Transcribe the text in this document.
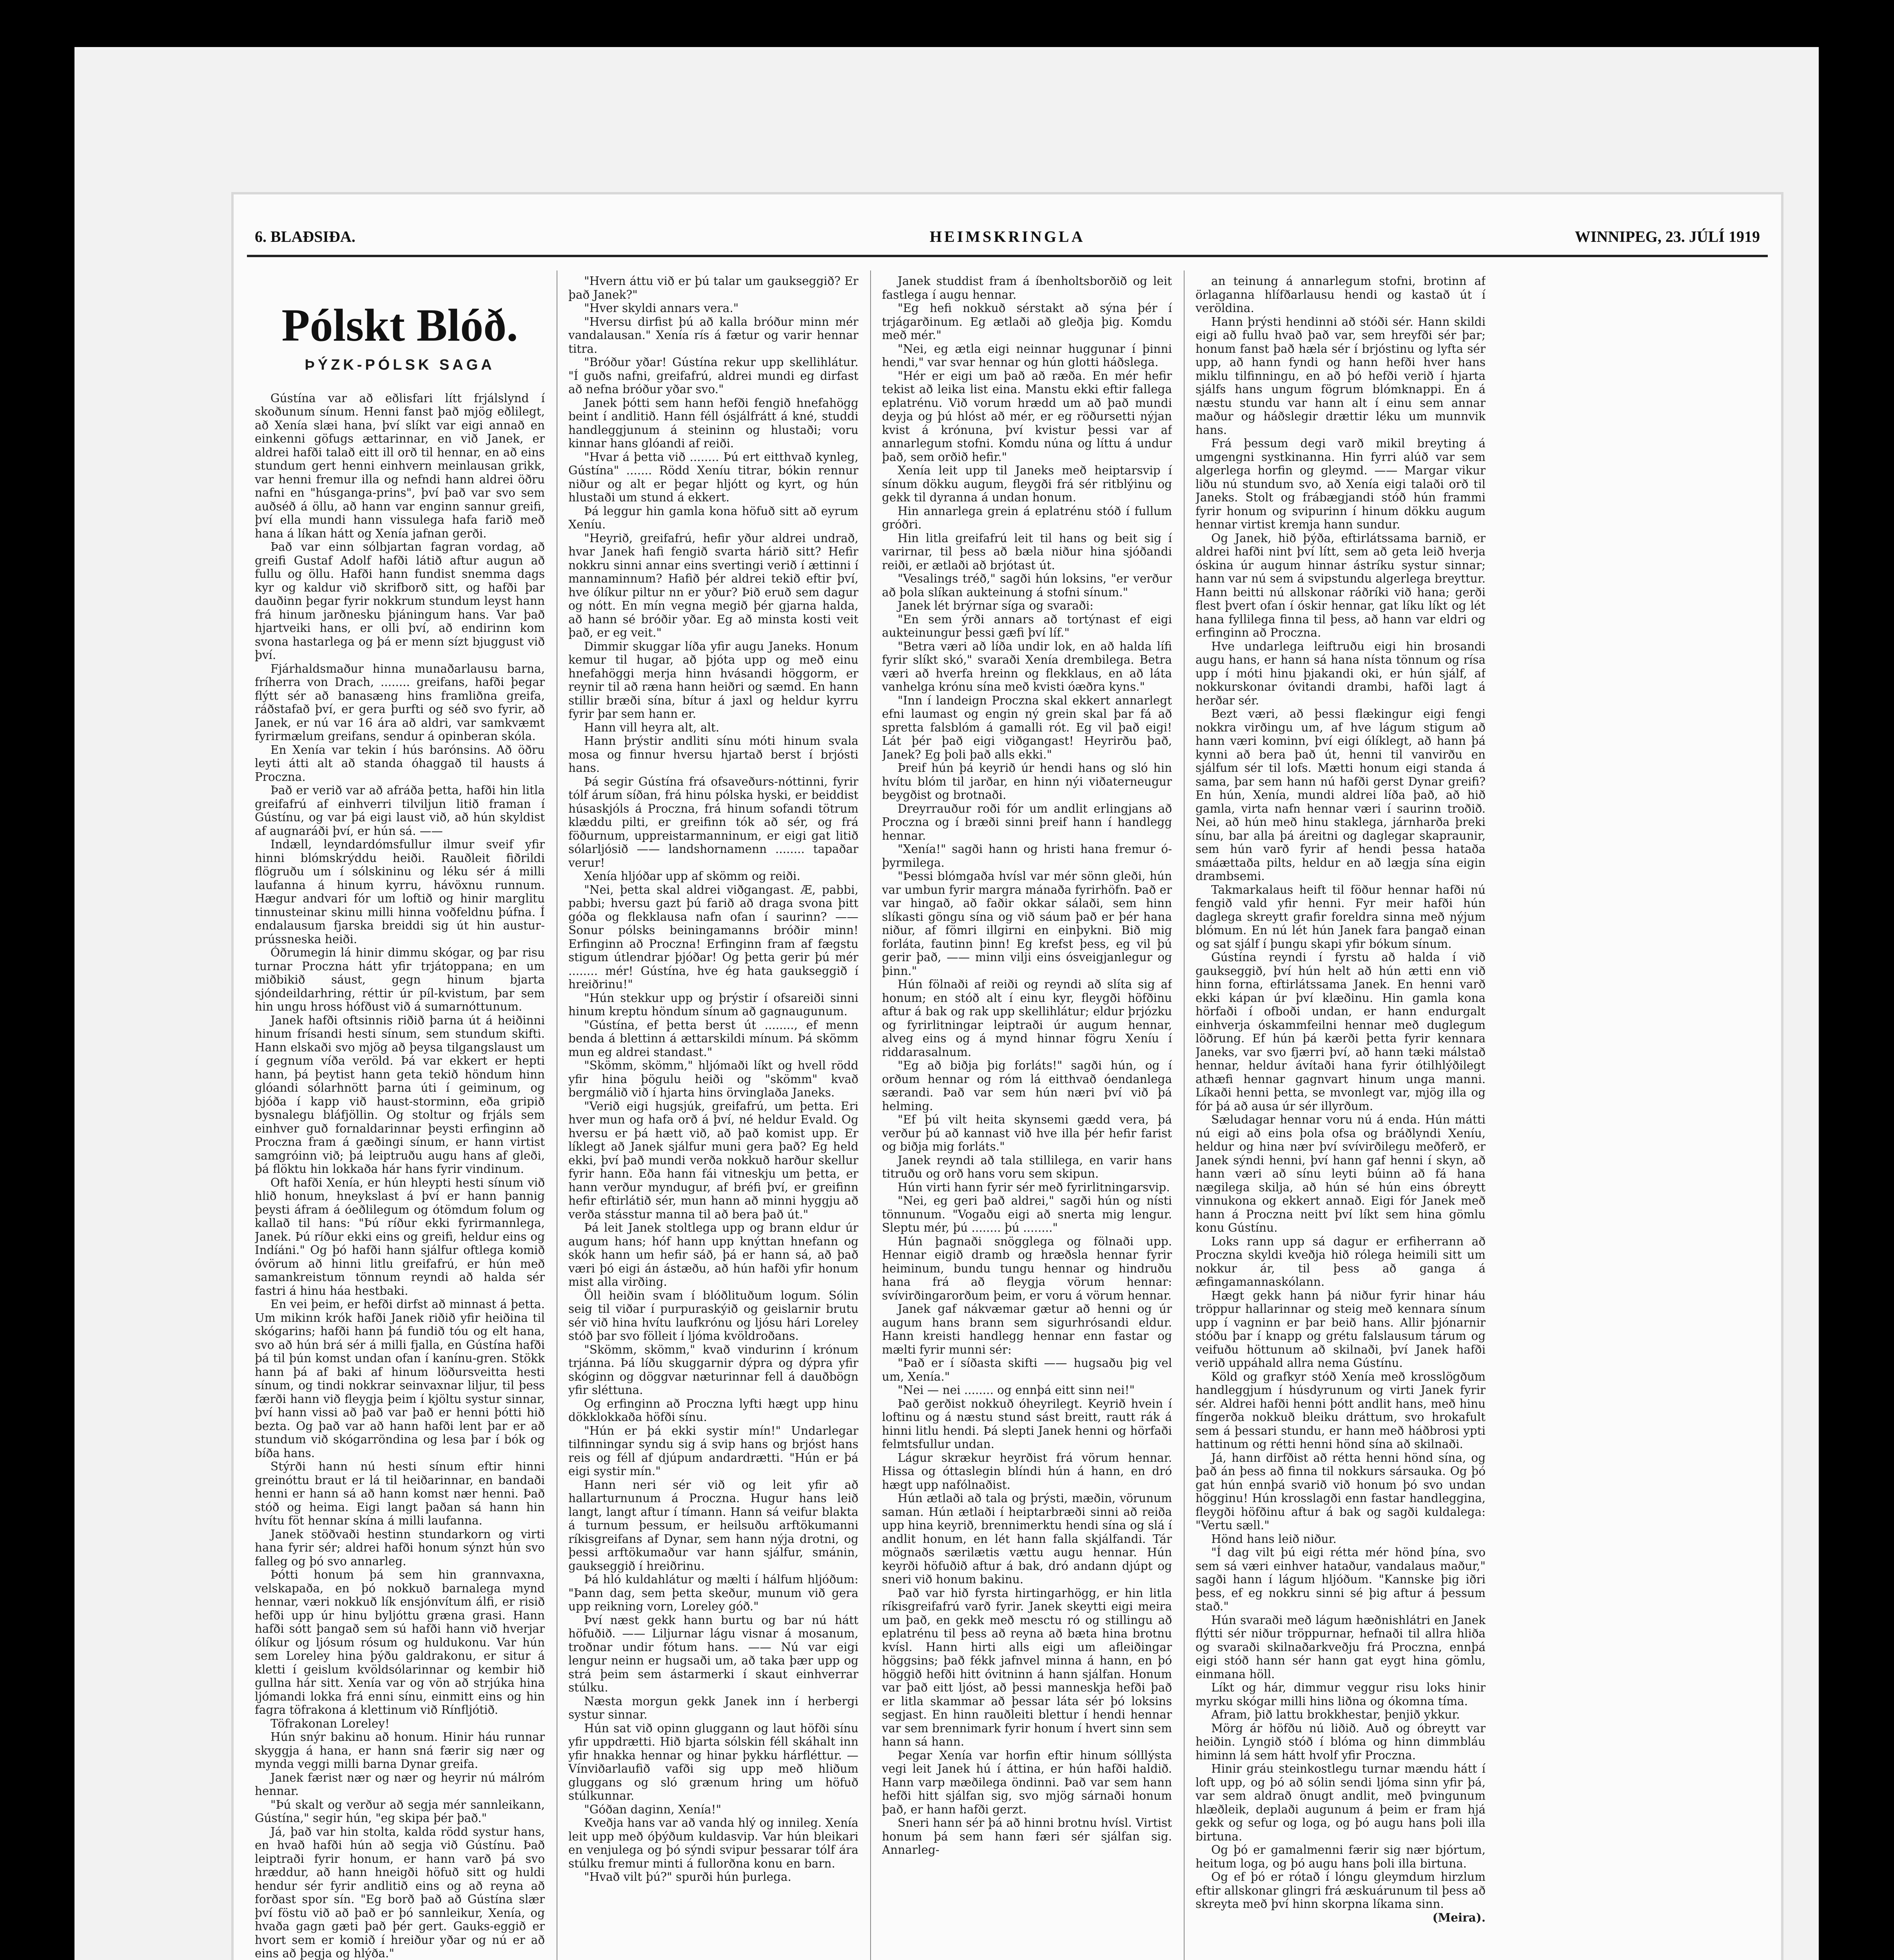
6. BLAÐSIÐA.	HEIMSKRINGLA	WINNIPEG, 23. JÚLÍ 1919
Pólskt Blóð.
ÞÝZK-PÓLSK SAGA

Gústína var að eðlisfari lítt frjálslynd í skoðunum sínum. Henni fanst það mjög eðlilegt, að Xenía slæi hana, því slíkt var eigi annað en einkenni göfugs ættarinnar, en við Janek, er aldrei hafði talað eitt ill orð til hennar, en að eins stundum gert henni einhvern meinlausan grikk, var henni fremur illa og nefndi hann aldrei öðru nafni en "húsganga-prins", því það var svo sem auðséð á öllu, að hann var enginn sannur greifi, því ella mundi hann vissulega hafa farið með hana á líkan hátt og Xenía jafnan gerði.

Það var einn sólbjartan fagran vordag, að greifi Gustaf Adolf hafði látið aftur augun að fullu og öllu. Hafði hann fundist snemma dags kyr og kaldur við skrifborð sitt, og hafði þar dauðinn þegar fyrir nokkrum stundum leyst hann frá hinum jarðnesku þjáningum hans. Var það hjartveiki hans, er olli því, að endirinn kom svona hastarlega og þá er menn sízt bjuggust við því.

Fjárhaldsmaður hinna munaðarlausu barna, fríherra von Drach, ........ greifans, hafði þegar flýtt sér að banasæng hins framliðna greifa, ráðstafað því, er gera þurfti og séð svo fyrir, að Janek, er nú var 16 ára að aldri, var samkvæmt fyrirmælum greifans, sendur á opinberan skóla.

En Xenía var tekin í hús barónsins. Að öðru leyti átti alt að standa óhaggað til hausts á Proczna.

Það er verið var að afráða þetta, hafði hin litla greifafrú af einhverri tilviljun litið framan í Gústínu, og var þá eigi laust við, að hún skyldist af augnaráði því, er hún sá. ——

Indæll, leyndardómsfullur ilmur sveif yfir hinni blómskrýddu heiði. Rauðleit fiðrildi flögruðu um í sólskininu og léku sér á milli laufanna á hinum kyrru, hávöxnu runnum. Hægur andvari fór um loftið og hinir marglitu tinnusteinar skinu milli hinna voðfeldnu þúfna. Í endalausum fjarska breiddi sig út hin austur-prússneska heiði.

Óðrumegin lá hinir dimmu skógar, og þar risu turnar Proczna hátt yfir trjátoppana; en um miðbikið sáust, gegn hinum bjarta sjóndeildarhring, réttir úr píl-kvistum, þar sem hin ungu hross hófðust við á sumarnóttunum.

Janek hafði oftsinnis riðið þarna út á heiðinni hinum frísandi hesti sínum, sem stundum skifti. Hann elskaði svo mjög að þeysa tilgangslaust um í gegnum víða veröld. Þá var ekkert er hepti hann, þá þeytist hann geta tekið höndum hinn glóandi sólarhnött þarna úti í geiminum, og bjóða í kapp við haust-storminn, eða gripið bysnalegu bláfjöllin. Og stoltur og frjáls sem einhver guð fornaldarinnar þeysti erfinginn að Proczna fram á gæðingi sínum, er hann virtist samgróinn við; þá leiptruðu augu hans af gleði, þá flöktu hin lokkaða hár hans fyrir vindinum.

Oft hafði Xenía, er hún hleypti hesti sínum við hlið honum, hneykslast á því er hann þannig þeysti áfram á óeðlilegum og ótömdum folum og kallað til hans: "Þú ríður ekki fyrirmannlega, Janek. Þú ríður ekki eins og greifi, heldur eins og Indíáni." Og þó hafði hann sjálfur oftlega komið óvörum að hinni litlu greifafrú, er hún með samankreistum tönnum reyndi að halda sér fastri á hinu háa hestbaki.

En vei þeim, er hefði dirfst að minnast á þetta. Um mikinn krók hafði Janek riðið yfir heiðina til skógarins; hafði hann þá fundið tóu og elt hana, svo að hún brá sér á milli fjalla, en Gústína hafði þá til þún komst undan ofan í kanínu-gren. Stökk hann þá af baki af hinum löðursveitta hesti sínum, og tindi nokkrar seinvaxnar liljur, til þess færði hann við fleygja þeim í kjöltu systur sinnar, því hann vissi að það var það er henni þótti hið bezta. Og það var að hann hafði lent þar er að stundum við skógarröndina og lesa þar í bók og bíða hans.

Stýrði hann nú hesti sínum eftir hinni greinóttu braut er lá til heiðarinnar, en bandaði henni er hann sá að hann komst nær henni. Það stóð og heima. Eigi langt þaðan sá hann hin hvítu föt hennar skína á milli laufanna.

Janek stöðvaði hestinn stundarkorn og virti hana fyrir sér; aldrei hafði honum sýnzt hún svo falleg og þó svo annarleg.

Þótti honum þá sem hin grannvaxna, velskapaða, en þó nokkuð barnalega mynd hennar, væri nokkuð lík ensjónvítum álfi, er risið hefði upp úr hinu byljóttu græna grasi. Hann hafði sótt þangað sem sú hafði hann við hverjar ólíkur og ljósum rósum og huldukonu. Var hún sem Loreley hina þýðu galdrakonu, er situr á kletti í geislum kvöldsólarinnar og kembir hið gullna hár sitt. Xenía var og vön að strjúka hina ljómandi lokka frá enni sínu, einmitt eins og hin fagra töfrakona á klettinum við Rínfljótið.

Töfrakonan Loreley!

Hún snýr bakinu að honum. Hinir háu runnar skyggja á hana, er hann sná færir sig nær og mynda veggi milli barna Dynar greifa.

Janek færist nær og nær og heyrir nú málróm hennar.

"Þú skalt og verður að segja mér sannleikann, Gústína," segir hún, "eg skipa þér það."

Já, það var hin stolta, kalda rödd systur hans, en hvað hafði hún að segja við Gústínu. Það leiptraði fyrir honum, er hann varð þá svo hræddur, að hann hneigði höfuð sitt og huldi hendur sér fyrir andlitið eins og að reyna að forðast spor sín. "Eg borð það að Gústína slær því föstu við að það er þó sannleikur, Xenía, og hvaða gagn gæti það þér gert. Gauks-eggið er hvort sem er komið í hreiður yðar og nú er að eins að þegja og hlýða."

"Hvern áttu við er þú talar um gaukseggið? Er það Janek?"

"Hver skyldi annars vera."

"Hversu dirfist þú að kalla bróður minn mér vandalausan." Xenía rís á fætur og varir hennar titra.

"Bróður yðar! Gústína rekur upp skellihlátur. "Í guðs nafni, greifafrú, aldrei mundi eg dirfast að nefna bróður yðar svo."

Janek þótti sem hann hefði fengið hnefahögg beint í andlitið. Hann féll ósjálfrátt á kné, studdi handleggjunum á steininn og hlustaði; voru kinnar hans glóandi af reiði.

"Hvar á þetta við ........ Þú ert eitthvað kynleg, Gústína" ....... Rödd Xeníu titrar, bókin rennur niður og alt er þegar hljótt og kyrt, og hún hlustaði um stund á ekkert.

Þá leggur hin gamla kona höfuð sitt að eyrum Xeníu.

"Heyrið, greifafrú, hefir yður aldrei undrað, hvar Janek hafi fengið svarta hárið sitt? Hefir nokkru sinni annar eins svertingi verið í ættinni í mannaminnum? Hafið þér aldrei tekið eftir því, hve ólíkur piltur nn er yður? Þið eruð sem dagur og nótt. En mín vegna megið þér gjarna halda, að hann sé bróðir yðar. Eg að minsta kosti veit það, er eg veit."

Dimmir skuggar líða yfir augu Janeks. Honum kemur til hugar, að þjóta upp og með einu hnefahöggi merja hinn hvásandi höggorm, er reynir til að ræna hann heiðri og sæmd. En hann stillir bræði sína, bítur á jaxl og heldur kyrru fyrir þar sem hann er.

Hann vill heyra alt, alt.

Hann þrýstir andliti sínu móti hinum svala mosa og finnur hversu hjartað berst í brjósti hans.

Þá segir Gústína frá ofsaveðurs-nóttinni, fyrir tólf árum síðan, frá hinu pólska hyski, er beiddist húsaskjóls á Proczna, frá hinum sofandi tötrum klæddu pilti, er greifinn tók að sér, og frá föðurnum, uppreistarmanninum, er eigi gat litið sólarljósið —— landshornamenn ........ tapaðar verur!

Xenía hljóðar upp af skömm og reiði.

"Nei, þetta skal aldrei viðgangast. Æ, pabbi, pabbi; hversu gazt þú farið að draga svona þitt góða og flekklausa nafn ofan í saurinn? —— Sonur pólsks beiningamanns bróðir minn! Erfinginn að Proczna! Erfinginn fram af fægstu stigum útlendrar þjóðar! Og þetta gerir þú mér ........ mér! Gústína, hve ég hata gaukseggið í hreiðrinu!"

"Hún stekkur upp og þrýstir í ofsareiði sinni hinum kreptu höndum sínum að gagnaugunum.

"Gústína, ef þetta berst út ........, ef menn benda á blettinn á ættarskildi mínum. Þá skömm mun eg aldrei standast."

"Skömm, skömm," hljómaði líkt og hvell rödd yfir hina þögulu heiði og "skömm" kvað bergmálið við í hjarta hins örvinglaða Janeks.

"Verið eigi hugsjúk, greifafrú, um þetta. Eri hver mun og hafa orð á því, né heldur Evald. Og hversu er þá hætt við, að það komist upp. Er líklegt að Janek sjálfur muni gera það? Eg held ekki, því það mundi verða nokkuð harður skellur fyrir hann. Eða hann fái vitneskju um þetta, er hann verður myndugur, af bréfi því, er greifinn hefir eftirlátið sér, mun hann að minni hyggju að verða stásstur manna til að bera það út."

Þá leit Janek stoltlega upp og brann eldur úr augum hans; hóf hann upp knýttan hnefann og skók hann um hefir sáð, þá er hann sá, að það væri þó eigi án ástæðu, að hún hafði yfir honum mist alla virðing.

Öll heiðin svam í blóðlituðum logum. Sólin seig til viðar í purpuraskýið og geislarnir brutu sér við hina hvítu laufkrónu og ljósu hári Loreley stóð þar svo fölleit í ljóma kvöldroðans.

"Skömm, skömm," kvað vindurinn í krónum trjánna. Þá líðu skuggarnir dýpra og dýpra yfir skóginn og döggvar næturinnar fell á dauðbögn yfir sléttuna.

Og erfinginn að Proczna lyfti hægt upp hinu dökklokkaða höfði sínu.

"Hún er þá ekki systir mín!" Undarlegar tilfinningar syndu sig á svip hans og brjóst hans reis og féll af djúpum andardrætti. "Hún er þá eigi systir mín."

Hann neri sér við og leit yfir að hallarturnunum á Proczna. Hugur hans leið langt, langt aftur í tímann. Hann sá veifur blakta á turnum þessum, er heilsuðu arftökumanni ríkisgreifans af Dynar, sem hann nýja drotni, og þessi arftökumaður var hann sjálfur, smánin, gaukseggið í hreiðrinu.

Þá hló kuldahlátur og mælti í hálfum hljóðum: "Þann dag, sem þetta skeður, munum við gera upp reikning vorn, Loreley góð."

Því næst gekk hann burtu og bar nú hátt höfuðið. —— Liljurnar lágu visnar á mosanum, troðnar undir fótum hans. —— Nú var eigi lengur neinn er hugsaði um, að taka þær upp og strá þeim sem ástarmerki í skaut einhverrar stúlku.

Næsta morgun gekk Janek inn í herbergi systur sinnar.

Hún sat við opinn gluggann og laut höfði sínu yfir uppdrætti. Hið bjarta sólskin féll skáhalt inn yfir hnakka hennar og hinar þykku hárfléttur. — Vínviðarlaufið vafði sig upp með hliðum gluggans og sló grænum hring um höfuð stúlkunnar.

"Góðan daginn, Xenía!"

Kveðja hans var að vanda hlý og innileg. Xenía leit upp með óþýðum kuldasvip. Var hún bleikari en venjulega og þó sýndi svipur þessarar tólf ára stúlku fremur minti á fullorðna konu en barn.

"Hvað vilt þú?" spurði hún þurlega.

Janek studdist fram á íbenholtsborðið og leit fastlega í augu hennar.

"Eg hefi nokkuð sérstakt að sýna þér í trjágarðinum. Eg ætlaði að gleðja þig. Komdu með mér."

"Nei, eg ætla eigi neinnar huggunar í þinni hendi," var svar hennar og hún glotti háðslega.

"Hér er eigi um það að ræða. En mér hefir tekist að leika list eina. Manstu ekki eftir fallega eplatrénu. Við vorum hrædd um að það mundi deyja og þú hlóst að mér, er eg röðursetti nýjan kvist á krónuna, því kvistur þessi var af annarlegum stofni. Komdu núna og líttu á undur það, sem orðið hefir."

Xenía leit upp til Janeks með heiptarsvip í sínum dökku augum, fleygði frá sér ritblýinu og gekk til dyranna á undan honum.

Hin annarlega grein á eplatrénu stóð í fullum gróðri.

Hin litla greifafrú leit til hans og beit sig í varirnar, til þess að bæla niður hina sjóðandi reiði, er ætlaði að brjótast út.

"Vesalings tréð," sagði hún loksins, "er verður að þola slíkan aukteinung á stofni sínum."

Janek lét brýrnar síga og svaraði:

"En sem ýrði annars að tortýnast ef eigi aukteinungur þessi gæfi því líf."

"Betra væri að líða undir lok, en að halda lífi fyrir slíkt skó," svaraði Xenía drembilega. Betra væri að hverfa hreinn og flekklaus, en að láta vanhelga krónu sína með kvisti óæðra kyns."

"Inn í landeign Proczna skal ekkert annarlegt efni laumast og engin ný grein skal þar fá að spretta falsblóm á gamalli rót. Eg vil það eigi! Lát þér það eigi viðgangast! Heyrirðu það, Janek? Eg þoli það alls ekki."

Þreif hún þá keyrið úr hendi hans og sló hin hvítu blóm til jarðar, en hinn nýi viðaterneugur beygðist og brotnaði.

Dreyrrauður roði fór um andlit erlingjans að Proczna og í bræði sinni þreif hann í handlegg hennar.

"Xenía!" sagði hann og hristi hana fremur ó-þyrmilega.

"Þessi blómgaða hvísl var mér sönn gleði, hún var umbun fyrir margra mánaða fyrirhöfn. Það er var hingað, að faðir okkar sálaði, sem hinn slíkasti göngu sína og við sáum það er þér hana niður, af fömri illgirni en einþykni. Bið mig forláta, fautinn þinn! Eg krefst þess, eg vil þú gerir það, —— minn vilji eins ósveigjanlegur og þinn."

Hún fölnaði af reiði og reyndi að slíta sig af honum; en stóð alt í einu kyr, fleygði höfðinu aftur á bak og rak upp skellihlátur; eldur þrjózku og fyrirlitningar leiptraði úr augum hennar, alveg eins og á mynd hinnar fögru Xeníu í riddarasalnum.

"Eg að biðja þig forláts!" sagði hún, og í orðum hennar og róm lá eitthvað óendanlega særandi. Það var sem hún næri því við þá helming.

"Ef þú vilt heita skynsemi gædd vera, þá verður þú að kannast við hve illa þér hefir farist og biðja mig forláts."

Janek reyndi að tala stillilega, en varir hans titruðu og orð hans voru sem skipun.

Hún virti hann fyrir sér með fyrirlitningarsvip.

"Nei, eg geri það aldrei," sagði hún og nísti tönnunum. "Vogaðu eigi að snerta mig lengur. Sleptu mér, þú ........ þú ........"

Hún þagnaði snögglega og fölnaði upp. Hennar eigið dramb og hræðsla hennar fyrir heiminum, bundu tungu hennar og hindruðu hana frá að fleygja vörum hennar: svívirðingarorðum þeim, er voru á vörum hennar.

Janek gaf nákvæmar gætur að henni og úr augum hans brann sem sigurhrósandi eldur. Hann kreisti handlegg hennar enn fastar og mælti fyrir munni sér:

"Það er í síðasta skifti —— hugsaðu þig vel um, Xenía."

"Nei — nei ........ og ennþá eitt sinn nei!"

Það gerðist nokkuð óheyrilegt. Keyrið hvein í loftinu og á næstu stund sást breitt, rautt rák á hinni litlu hendi. Þá slepti Janek henni og hörfaði felmtsfullur undan.

Lágur skrækur heyrðist frá vörum hennar. Hissa og óttaslegin blíndi hún á hann, en dró hægt upp nafólnaðist.

Hún ætlaði að tala og þrýsti, mæðin, vörunum saman. Hún ætlaði í heiptarbræði sinni að reiða upp hina keyrið, brennimerktu hendi sína og slá í andlit honum, en lét hann falla skjálfandi. Tár mögnaðs særilætis vættu augu hennar. Hún keyrði höfuðið aftur á bak, dró andann djúpt og sneri við honum bakinu.

Það var hið fyrsta hirtingarhögg, er hin litla ríkisgreifafrú varð fyrir. Janek skeytti eigi meira um það, en gekk með mesctu ró og stillingu að eplatrénu til þess að reyna að bæta hina brotnu kvísl. Hann hirti alls eigi um afleiðingar höggsins; það fékk jafnvel minna á hann, en þó höggið hefði hitt óvitninn á hann sjálfan. Honum var það eitt ljóst, að þessi manneskja hefði það er litla skammar að þessar láta sér þó loksins segjast. En hinn rauðleiti blettur í hendi hennar var sem brennimark fyrir honum í hvert sinn sem hann sá hann.

Þegar Xenía var horfin eftir hinum sólllýsta vegi leit Janek hú í áttina, er hún hafði haldið. Hann varp mæðilega öndinni. Það var sem hann hefði hitt sjálfan sig, svo mjög sárnaði honum það, er hann hafði gerzt.

Sneri hann sér þá að hinni brotnu hvísl. Virtist honum þá sem hann færi sér sjálfan sig. Annarleg-

an teinung á annarlegum stofni, brotinn af örlaganna hlífðarlausu hendi og kastað út í veröldina.

Hann þrýsti hendinni að stóði sér. Hann skildi eigi að fullu hvað það var, sem hreyfði sér þar; honum fanst það hæla sér í brjóstinu og lyfta sér upp, að hann fyndi og hann hefði hver hans miklu tilfinningu, en að þó hefði verið í hjarta sjálfs hans ungum fögrum blómknappi. En á næstu stundu var hann alt í einu sem annar maður og háðslegir drættir léku um munnvik hans.

Frá þessum degi varð mikil breyting á umgengni systkinanna. Hin fyrri alúð var sem algerlega horfin og gleymd. —— Margar vikur liðu nú stundum svo, að Xenía eigi talaði orð til Janeks. Stolt og frábægjandi stóð hún frammi fyrir honum og svipurinn í hinum dökku augum hennar virtist kremja hann sundur.

Og Janek, hið þýða, eftirlátssama barnið, er aldrei hafði nint því lítt, sem að geta leið hverja óskina úr augum hinnar ástríku systur sinnar; hann var nú sem á svipstundu algerlega breyttur. Hann beitti nú allskonar ráðríki við hana; gerði flest þvert ofan í óskir hennar, gat líku líkt og lét hana fyllilega finna til þess, að hann var eldri og erfinginn að Proczna.

Hve undarlega leiftruðu eigi hin brosandi augu hans, er hann sá hana nísta tönnum og rísa upp í móti hinu þjakandi oki, er hún sjálf, af nokkurskonar óvitandi drambi, hafði lagt á herðar sér.

Bezt væri, að þessi flækingur eigi fengi nokkra virðingu um, af hve lágum stigum að hann væri kominn, því eigi ólíklegt, að hann þá kynni að bera það út, henni til vanvirðu en sjálfum sér til lofs. Mætti honum eigi standa á sama, þar sem hann nú hafði gerst Dynar greifi? En hún, Xenía, mundi aldrei líða það, að hið gamla, virta nafn hennar væri í saurinn troðið. Nei, að hún með hinu staklega, járnharða þreki sínu, bar alla þá áreitni og daglegar skapraunir, sem hún varð fyrir af hendi þessa hataða smáættaða pilts, heldur en að lægja sína eigin drambsemi.

Takmarkalaus heift til föður hennar hafði nú fengið vald yfir henni. Fyr meir hafði hún daglega skreytt grafir foreldra sinna með nýjum blómum. En nú lét hún Janek fara þangað einan og sat sjálf í þungu skapi yfir bókum sínum.

Gústína reyndi í fyrstu að halda í við gaukseggið, því hún helt að hún ætti enn við hinn forna, eftirlátssama Janek. En henni varð ekki kápan úr því klæðinu. Hin gamla kona hörfaði í ofboði undan, er hann endurgalt einhverja óskammfeilni hennar með duglegum löðrung. Ef hún þá kærði þetta fyrir kennara Janeks, var svo fjærri því, að hann tæki málstað hennar, heldur ávítaði hana fyrir ótilhlýðilegt athæfi hennar gagnvart hinum unga manni. Líkaði henni þetta, se mvonlegt var, mjög illa og fór þá að ausa úr sér illyrðum.

Sæludagar hennar voru nú á enda. Hún mátti nú eigi að eins þola ofsa og bráðlyndi Xeníu, heldur og hina nær því svívirðilegu meðferð, er Janek sýndi henni, því hann gaf henni í skyn, að hann væri að sínu leyti búinn að fá hana nægilega skilja, að hún sé hún eins óbreytt vinnukona og ekkert annað. Eigi fór Janek með hann á Proczna neitt því líkt sem hina gömlu konu Gústínu.

Loks rann upp sá dagur er erfiherrann að Proczna skyldi kveðja hið rólega heimili sitt um nokkur ár, til þess að ganga á æfingamannaskólann.

Hægt gekk hann þá niður fyrir hinar háu tröppur hallarinnar og steig með kennara sínum upp í vagninn er þar beið hans. Allir þjónarnir stóðu þar í knapp og grétu falslausum tárum og veifuðu höttunum að skilnaði, því Janek hafði verið uppáhald allra nema Gústínu.

Köld og grafkyr stóð Xenía með krosslögðum handleggjum í húsdyrunum og virti Janek fyrir sér. Aldrei hafði henni þótt andlit hans, með hinu fíngerða nokkuð bleiku dráttum, svo hrokafult sem á þessari stundu, er hann með háðbrosi ypti hattinum og rétti henni hönd sína að skilnaði.

Já, hann dirfðist að rétta henni hönd sína, og það án þess að finna til nokkurs sársauka. Og þó gat hún ennþá svarið við honum þó svo undan högginu! Hún krosslagði enn fastar handleggina, fleygði höfðinu aftur á bak og sagði kuldalega: "Vertu sæll."

Hönd hans leið niður.

"Í dag vilt þú eigi rétta mér hönd þína, svo sem sá væri einhver hataður, vandalaus maður," sagði hann í lágum hljóðum. "Kannske þig iðri þess, ef eg nokkru sinni sé þig aftur á þessum stað."

Hún svaraði með lágum hæðnishlátri en Janek flýtti sér niður tröppurnar, hefnaði til allra hliða og svaraði skilnaðarkveðju frá Proczna, ennþá eigi stóð hann sér hann gat eygt hina gömlu, einmana höll.

Líkt og hár, dimmur veggur risu loks hinir myrku skógar milli hins liðna og ókomna tíma.

Afram, þið lattu brokkhestar, þenjið ykkur.

Mörg ár höfðu nú liðið. Auð og óbreytt var heiðin. Lyngið stóð í blóma og hinn dimmbláu himinn lá sem hátt hvolf yfir Proczna.

Hinir gráu steinkostlegu turnar mændu hátt í loft upp, og þó að sólin sendi ljóma sinn yfir þá, var sem aldrað önugt andlit, með þvingunum hlæðleik, deplaði augunum á þeim er fram hjá gekk og sefur og loga, og þó augu hans þoli illa birtuna.

Og þó er gamalmenni færir sig nær bjórtum, heitum loga, og þó augu hans þoli illa birtuna.

Og ef þó er rótað í lóngu gleymdum hirzlum eftir allskonar glingri frá æskuárunum til þess að skreyta með því hinn skorpna líkama sinn.

(Meira).
